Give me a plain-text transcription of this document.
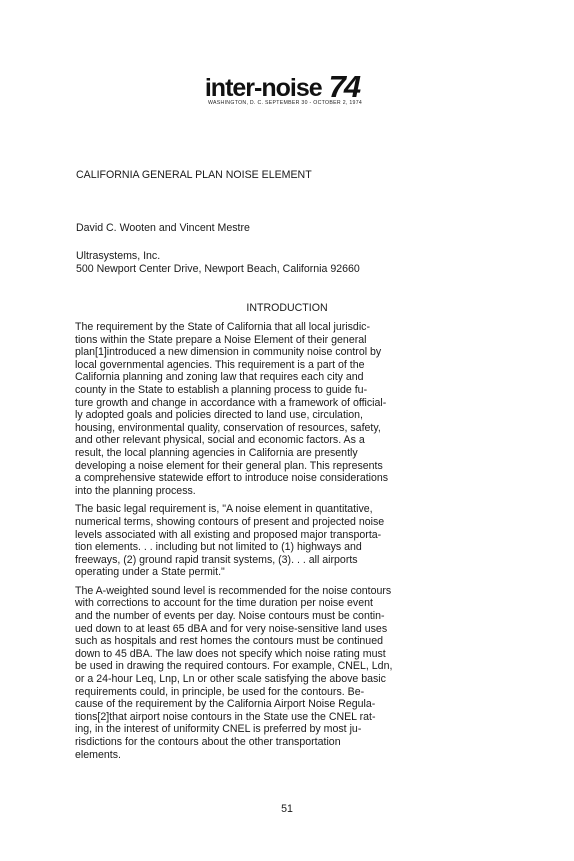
inter-noise 74
WASHINGTON, D. C. SEPTEMBER 30 - OCTOBER 2, 1974
CALIFORNIA GENERAL PLAN NOISE ELEMENT
David C. Wooten and Vincent Mestre
Ultrasystems, Inc.
500 Newport Center Drive, Newport Beach, California 92660
INTRODUCTION
The requirement by the State of California that all local jurisdic-
tions within the State prepare a Noise Element of their general
plan[1]introduced a new dimension in community noise control by
local governmental agencies. This requirement is a part of the
California planning and zoning law that requires each city and
county in the State to establish a planning process to guide fu-
ture growth and change in accordance with a framework of official-
ly adopted goals and policies directed to land use, circulation,
housing, environmental quality, conservation of resources, safety,
and other relevant physical, social and economic factors. As a
result, the local planning agencies in California are presently
developing a noise element for their general plan. This represents
a comprehensive statewide effort to introduce noise considerations
into the planning process.
The basic legal requirement is, "A noise element in quantitative,
numerical terms, showing contours of present and projected noise
levels associated with all existing and proposed major transporta-
tion elements. . . including but not limited to (1) highways and
freeways, (2) ground rapid transit systems, (3). . . all airports
operating under a State permit."
The A-weighted sound level is recommended for the noise contours
with corrections to account for the time duration per noise event
and the number of events per day. Noise contours must be contin-
ued down to at least 65 dBA and for very noise-sensitive land uses
such as hospitals and rest homes the contours must be continued
down to 45 dBA. The law does not specify which noise rating must
be used in drawing the required contours. For example, CNEL, Ldn,
or a 24-hour Leq, Lnp, Ln or other scale satisfying the above basic
requirements could, in principle, be used for the contours. Be-
cause of the requirement by the California Airport Noise Regula-
tions[2]that airport noise contours in the State use the CNEL rat-
ing, in the interest of uniformity CNEL is preferred by most ju-
risdictions for the contours about the other transportation
elements.
51
